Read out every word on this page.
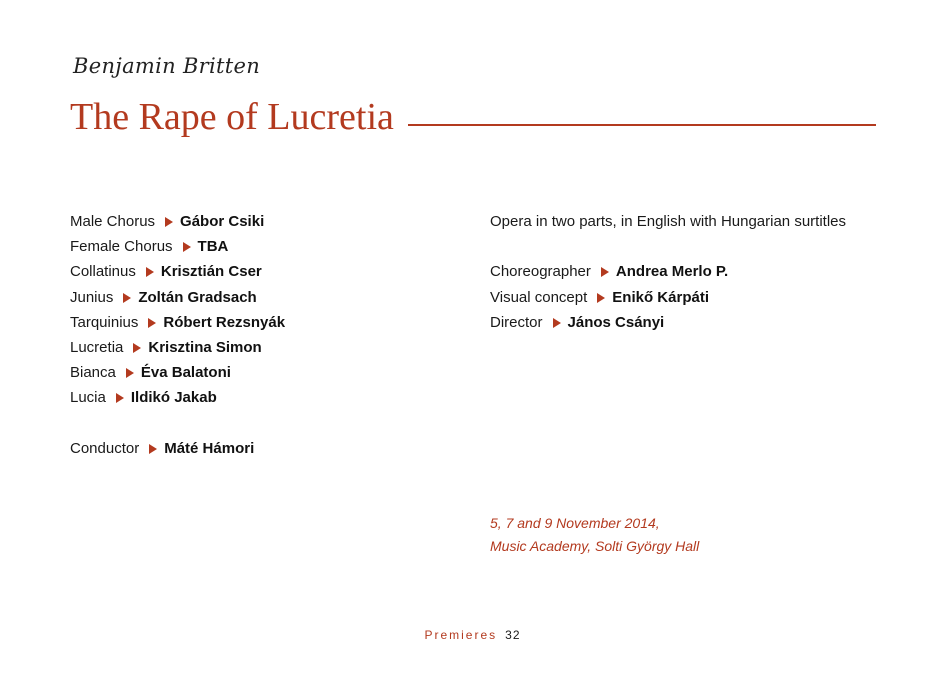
Benjamin Britten
The Rape of Lucretia
Male Chorus Gábor Csiki
Female Chorus TBA
Collatinus Krisztián Cser
Junius Zoltán Gradsach
Tarquinius Róbert Rezsnyák
Lucretia Krisztina Simon
Bianca Éva Balatoni
Lucia Ildikó Jakab
Conductor Máté Hámori
Opera in two parts, in English with Hungarian surtitles
Choreographer Andrea Merlo P.
Visual concept Enikő Kárpáti
Director János Csányi
5, 7 and 9 November 2014,
Music Academy, Solti György Hall
Premieres 32
